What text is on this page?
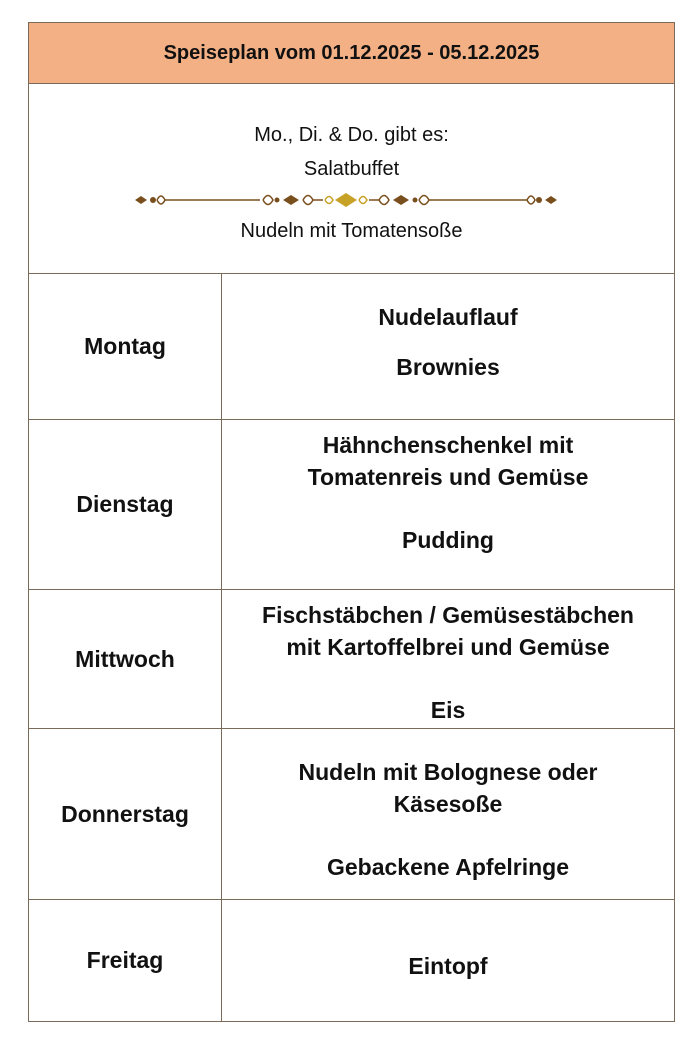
Speiseplan vom 01.12.2025 - 05.12.2025
Mo., Di. & Do. gibt es:
Salatbuffet
Nudeln mit Tomatensoße
Montag
Nudelauflauf
Brownies
Dienstag
Hähnchenschenkel mit
Tomatenreis und Gemüse
Pudding
Mittwoch
Fischstäbchen / Gemüsestäbchen
mit Kartoffelbrei und Gemüse
Eis
Donnerstag
Nudeln mit Bolognese oder
Käsesoße
Gebackene Apfelringe
Freitag	Eintopf
